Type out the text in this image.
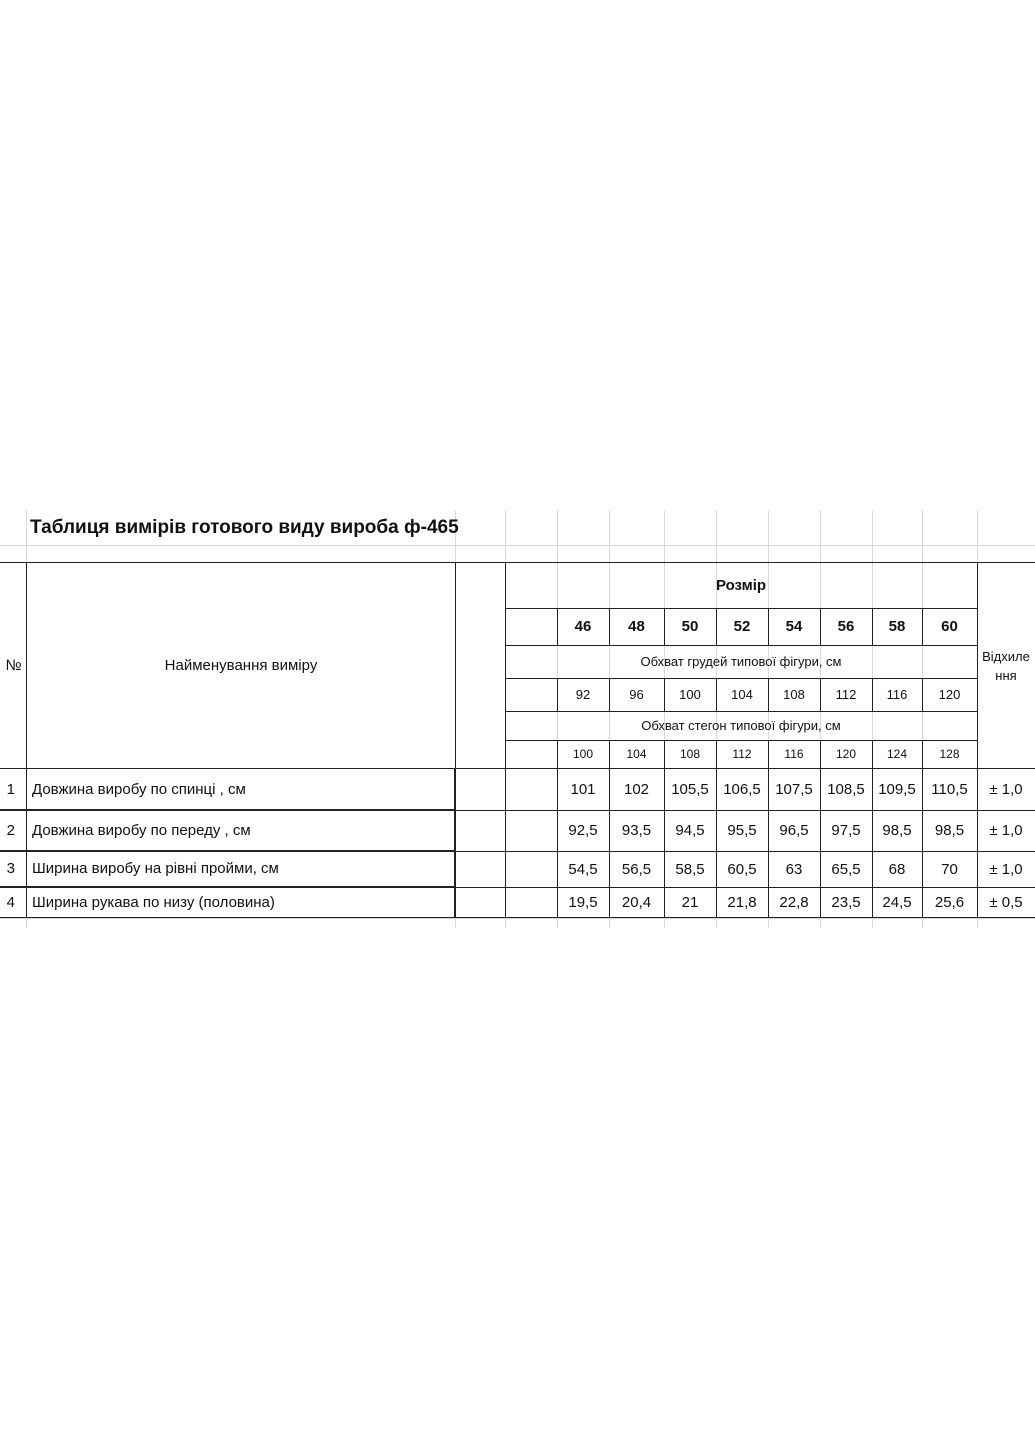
Таблиця вимірів готового виду вироба ф-465
№	Найменування виміру
Розмір
46 48 50 52 54 56 58 60
Обхват грудей типової фігури, см
92	96	100 104 108 112 116 120
Обхват стегон типової фігури, см
100	104	108	112	116	120	124	128
Відхиле
ння
1 Довжина виробу по спинці , см	101 102 105,5 106,5 107,5 108,5 109,5 110,5 ± 1,0
2 Довжина виробу по переду , см	92,5 93,5 94,5 95,5 96,5 97,5 98,5 98,5 ± 1,0
3 Ширина виробу на рівні пройми, см	54,5 56,5 58,5 60,5 63 65,5 68 70 ± 1,0
4 Ширина рукава по низу (половина)	19,5 20,4 21 21,8 22,8 23,5 24,5 25,6 ± 0,5
